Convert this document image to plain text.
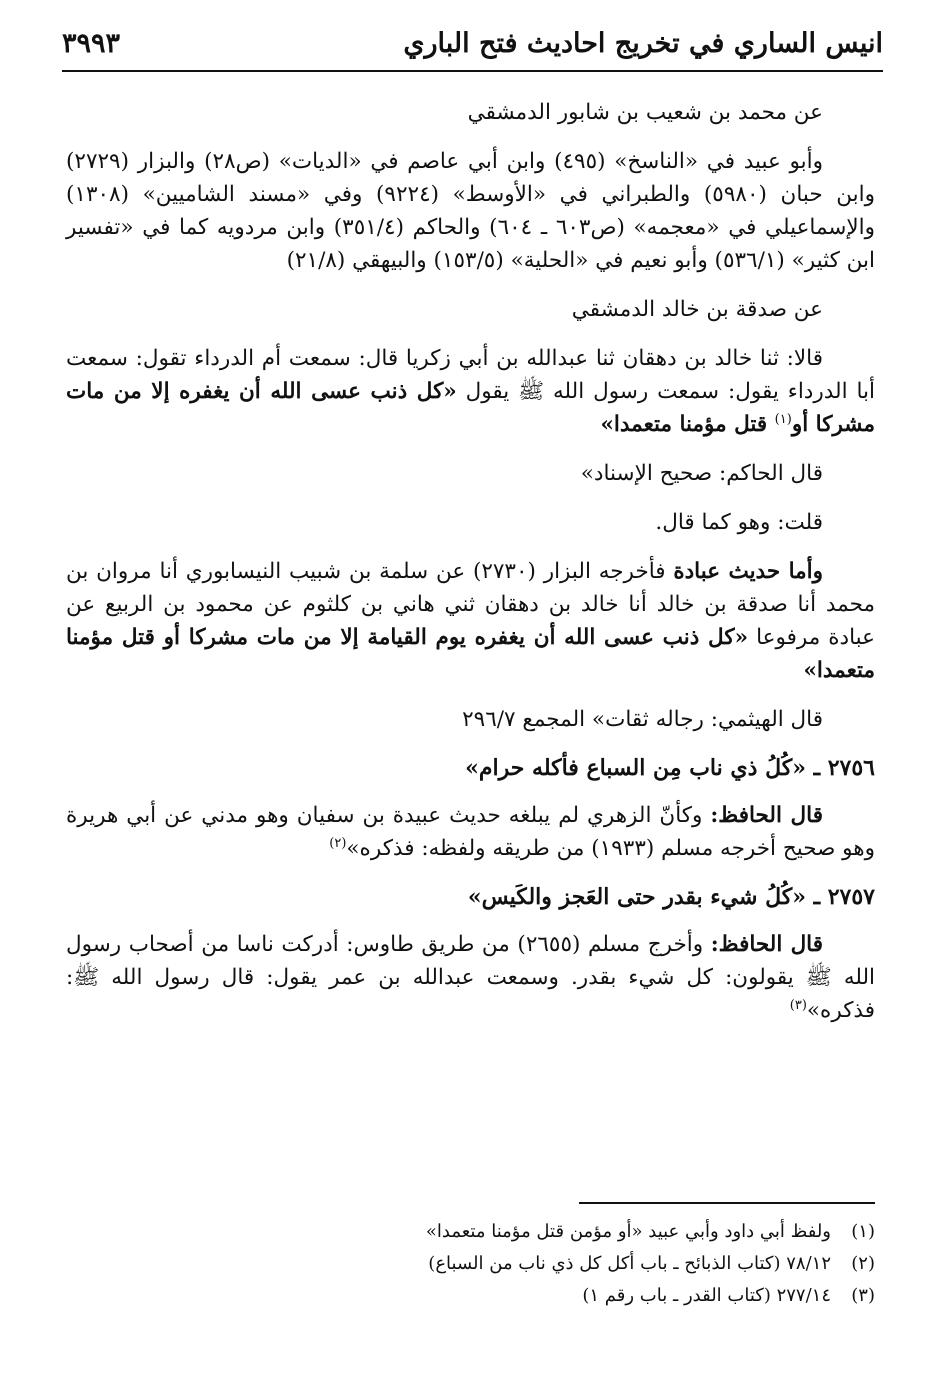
انيس الساري في تخريج احاديث فتح الباري
٣٩٩٣

عن محمد بن شعيب بن شابور الدمشقي

وأبو عبيد في «الناسخ» (٤٩٥) وابن أبي عاصم في «الديات» (ص٢٨) والبزار (٢٧٢٩) وابن حبان (٥٩٨٠) والطبراني في «الأوسط» (٩٢٢٤) وفي «مسند الشاميين» (١٣٠٨) والإسماعيلي في «معجمه» (ص٦٠٣ ـ ٦٠٤) والحاكم (٣٥١/٤) وابن مردويه كما في «تفسير ابن كثير» (٥٣٦/١) وأبو نعيم في «الحلية» (١٥٣/٥) والبيهقي (٢١/٨)

عن صدقة بن خالد الدمشقي

قالا: ثنا خالد بن دهقان ثنا عبدالله بن أبي زكريا قال: سمعت أم الدرداء تقول: سمعت أبا الدرداء يقول: سمعت رسول الله ﷺ يقول «كل ذنب عسى الله أن يغفره إلا من مات مشركا أو$^{(١)}$ قتل مؤمنا متعمدا»

قال الحاكم: صحيح الإسناد»

قلت: وهو كما قال.

وأما حديث عبادة فأخرجه البزار (٢٧٣٠) عن سلمة بن شبيب النيسابوري أنا مروان بن محمد أنا صدقة بن خالد أنا خالد بن دهقان ثني هاني بن كلثوم عن محمود بن الربيع عن عبادة مرفوعا «كل ذنب عسى الله أن يغفره يوم القيامة إلا من مات مشركا أو قتل مؤمنا متعمدا»

قال الهيثمي: رجاله ثقات» المجمع ٢٩٦/٧

٢٧٥٦ ـ «كُلُ ذي ناب مِن السباع فأكله حرام»

قال الحافظ: وكأنّ الزهري لم يبلغه حديث عبيدة بن سفيان وهو مدني عن أبي هريرة وهو صحيح أخرجه مسلم (١٩٣٣) من طريقه ولفظه: فذكره»$^{(٢)}$

٢٧٥٧ ـ «كُلُ شيء بقدر حتى العَجز والكَيس»

قال الحافظ: وأخرج مسلم (٢٦٥٥) من طريق طاوس: أدركت ناسا من أصحاب رسول الله ﷺ يقولون: كل شيء بقدر. وسمعت عبدالله بن عمر يقول: قال رسول الله ﷺ: فذكره»$^{(٣)}$

(١)ولفظ أبي داود وأبي عبيد «أو مؤمن قتل مؤمنا متعمدا»
(٢)٧٨/١٢ (كتاب الذبائح ـ باب أكل كل ذي ناب من السباع)
(٣)٢٧٧/١٤ (كتاب القدر ـ باب رقم ١)
